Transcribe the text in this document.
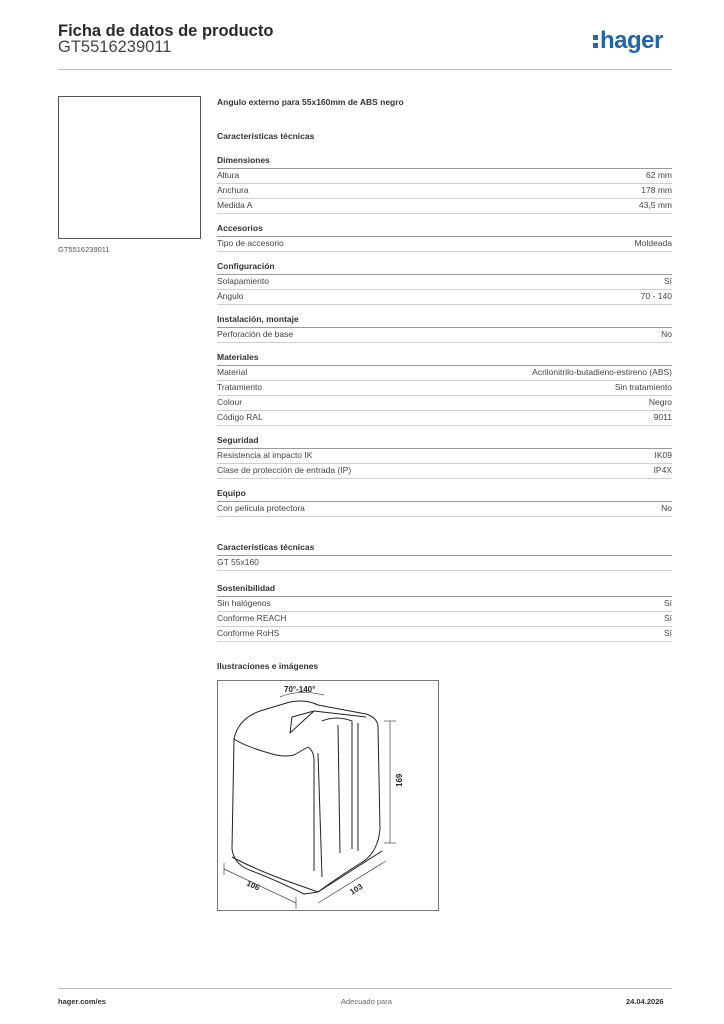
Ficha de datos de producto
GT5516239011	hager
GT5516239011
Angulo externo para 55x160mm de ABS negro
Características técnicas
Dimensiones
Altura	62 mm
Anchura	178 mm
Medida A	43,5 mm
Accesorios
Tipo de accesorio	Moldeada
Configuración
Solapamiento	Sí
Ángulo	70 - 140
Instalación, montaje
Perforación de base	No
Materiales
Material	Acrilonitrilo-butadieno-estireno (ABS)
Tratamiento	Sin tratamiento
Colour	Negro
Código RAL	9011
Seguridad
Resistencia al impacto IK	IK09
Clase de protección de entrada (IP)	IP4X
Equipo
Con película protectora	No
Características técnicas
GT 55x160
Sostenibilidad
Sin halógenos	Sí
Conforme REACH	Sí
Conforme RoHS	Sí
Ilustraciones e imágenes
70°-140°
169
106	103
hager.com/es	Adecuado para	24.04.2026
